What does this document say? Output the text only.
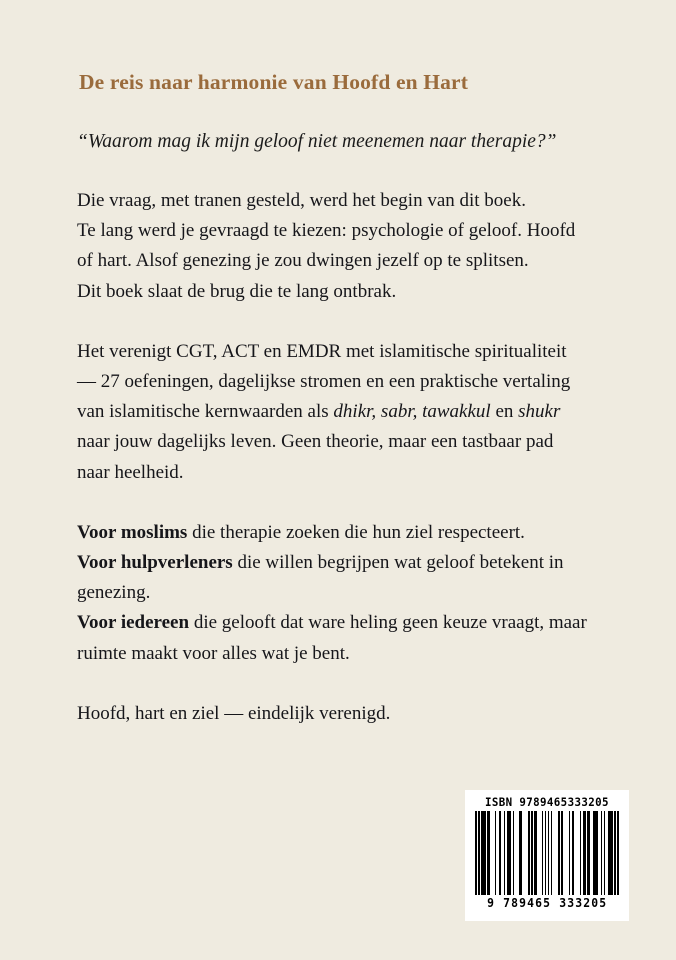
De reis naar harmonie van Hoofd en Hart

“Waarom mag ik mijn geloof niet meenemen naar therapie?”

Die vraag, met tranen gesteld, werd het begin van dit boek.
Te lang werd je gevraagd te kiezen: psychologie of geloof. Hoofd
of hart. Alsof genezing je zou dwingen jezelf op te splitsen.
Dit boek slaat de brug die te lang ontbrak.

Het verenigt CGT, ACT en EMDR met islamitische spiritualiteit
— 27 oefeningen, dagelijkse stromen en een praktische vertaling
van islamitische kernwaarden als dhikr, sabr, tawakkul en shukr
naar jouw dagelijks leven. Geen theorie, maar een tastbaar pad
naar heelheid.

Voor moslims die therapie zoeken die hun ziel respecteert.
Voor hulpverleners die willen begrijpen wat geloof betekent in
genezing.
Voor iedereen die gelooft dat ware heling geen keuze vraagt, maar
ruimte maakt voor alles wat je bent.

Hoofd, hart en ziel — eindelijk verenigd.

ISBN 9789465333205
9 789465 333205
